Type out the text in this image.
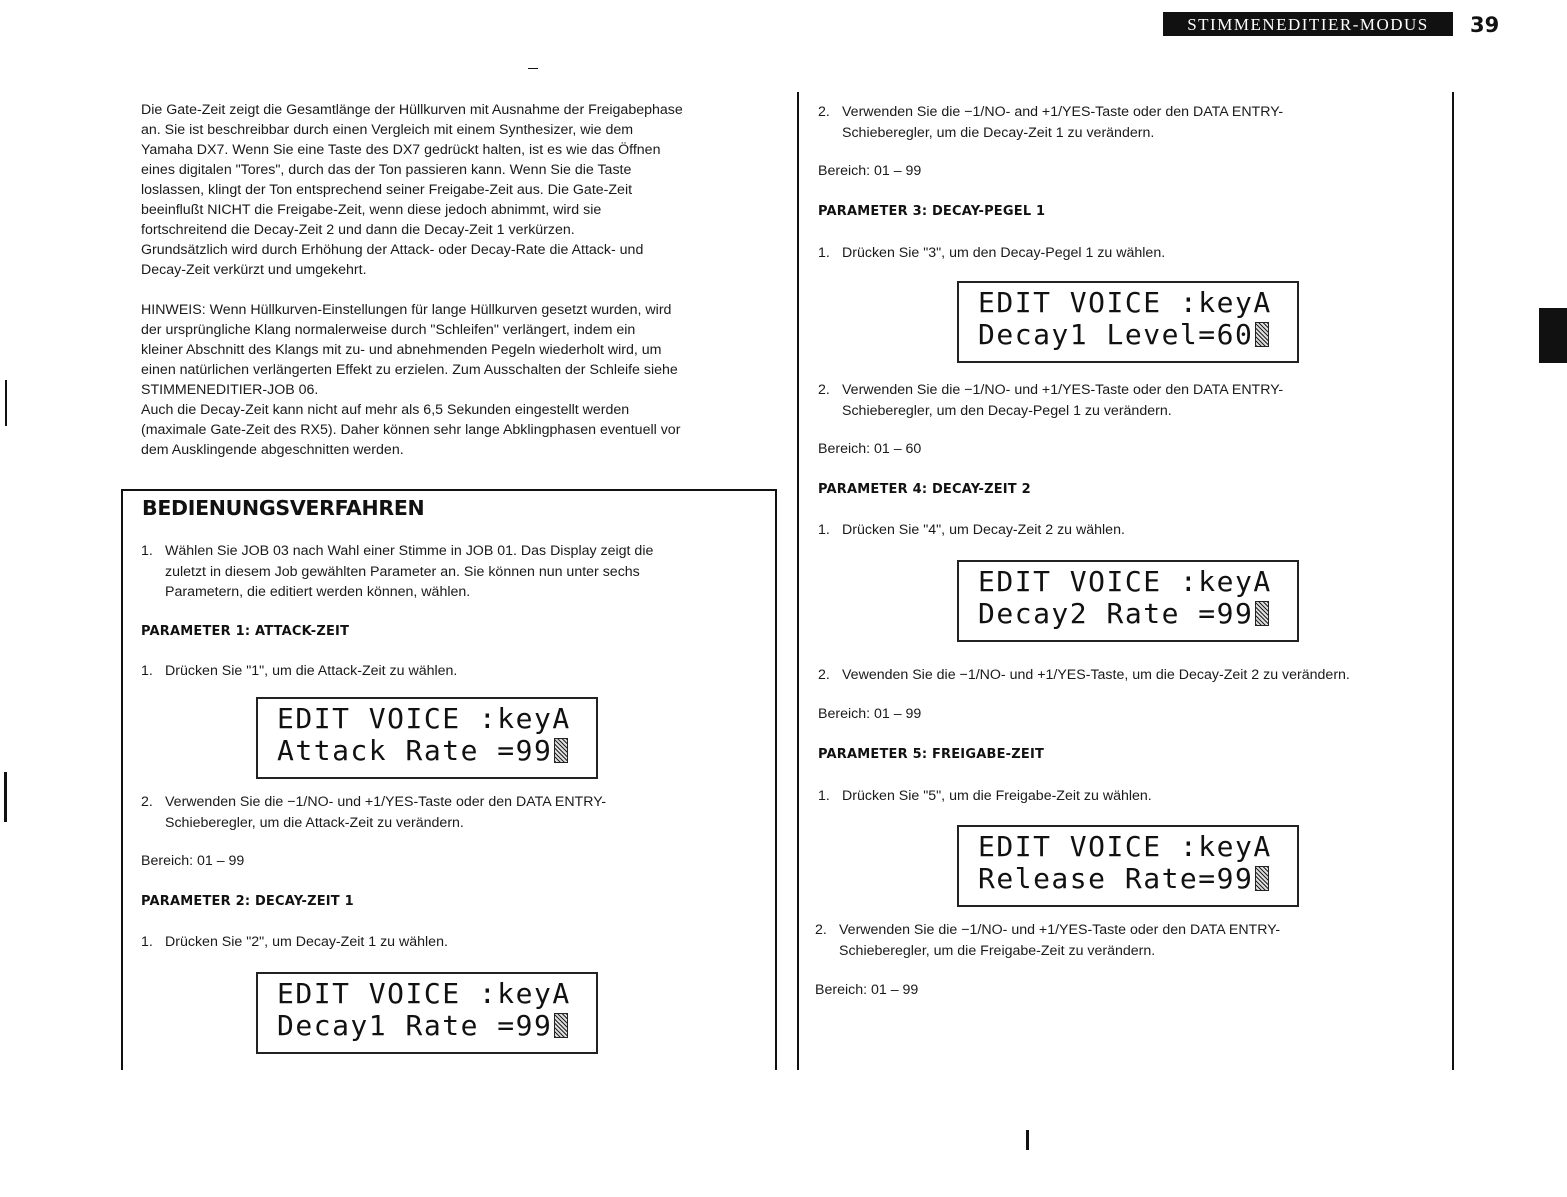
STIMMENEDITIER-MODUS	39

Die Gate-Zeit zeigt die Gesamtlänge der Hüllkurven mit Ausnahme der Freigabephase

an. Sie ist beschreibbar durch einen Vergleich mit einem Synthesizer, wie dem

Yamaha DX7. Wenn Sie eine Taste des DX7 gedrückt halten, ist es wie das Öffnen

eines digitalen "Tores", durch das der Ton passieren kann. Wenn Sie die Taste

loslassen, klingt der Ton entsprechend seiner Freigabe-Zeit aus. Die Gate-Zeit

beeinflußt NICHT die Freigabe-Zeit, wenn diese jedoch abnimmt, wird sie

fortschreitend die Decay-Zeit 2 und dann die Decay-Zeit 1 verkürzen.

Grundsätzlich wird durch Erhöhung der Attack- oder Decay-Rate die Attack- und

Decay-Zeit verkürzt und umgekehrt.

HINWEIS: Wenn Hüllkurven-Einstellungen für lange Hüllkurven gesetzt wurden, wird

der ursprüngliche Klang normalerweise durch "Schleifen" verlängert, indem ein

kleiner Abschnitt des Klangs mit zu- und abnehmenden Pegeln wiederholt wird, um

einen natürlichen verlängerten Effekt zu erzielen. Zum Ausschalten der Schleife siehe

STIMMENEDITIER-JOB 06.

Auch die Decay-Zeit kann nicht auf mehr als 6,5 Sekunden eingestellt werden

(maximale Gate-Zeit des RX5). Daher können sehr lange Abklingphasen eventuell vor

dem Ausklingende abgeschnitten werden.

BEDIENUNGSVERFAHREN
1. Wählen Sie JOB 03 nach Wahl einer Stimme in JOB 01. Das Display zeigt die
zuletzt in diesem Job gewählten Parameter an. Sie können nun unter sechs
Parametern, die editiert werden können, wählen.
PARAMETER 1: ATTACK-ZEIT
1. Drücken Sie "1", um die Attack-Zeit zu wählen.
EDIT VOICE :keyA
Attack Rate =99
2. Verwenden Sie die −1/NO- und +1/YES-Taste oder den DATA ENTRY-
Schieberegler, um die Attack-Zeit zu verändern.
Bereich: 01 – 99
PARAMETER 2: DECAY-ZEIT 1
1. Drücken Sie "2", um Decay-Zeit 1 zu wählen.
EDIT VOICE :keyA
Decay1 Rate =99
2. Verwenden Sie die −1/NO- and +1/YES-Taste oder den DATA ENTRY-
Schieberegler, um die Decay-Zeit 1 zu verändern.
Bereich: 01 – 99
PARAMETER 3: DECAY-PEGEL 1
1. Drücken Sie "3", um den Decay-Pegel 1 zu wählen.
EDIT VOICE :keyA
Decay1 Level=60
2. Verwenden Sie die −1/NO- und +1/YES-Taste oder den DATA ENTRY-
Schieberegler, um den Decay-Pegel 1 zu verändern.
Bereich: 01 – 60
PARAMETER 4: DECAY-ZEIT 2
1. Drücken Sie "4", um Decay-Zeit 2 zu wählen.
EDIT VOICE :keyA
Decay2 Rate =99
2. Vewenden Sie die −1/NO- und +1/YES-Taste, um die Decay-Zeit 2 zu verändern.
Bereich: 01 – 99
PARAMETER 5: FREIGABE-ZEIT
1. Drücken Sie "5", um die Freigabe-Zeit zu wählen.
EDIT VOICE :keyA
Release Rate=99
2. Verwenden Sie die −1/NO- und +1/YES-Taste oder den DATA ENTRY-
Schieberegler, um die Freigabe-Zeit zu verändern.
Bereich: 01 – 99
